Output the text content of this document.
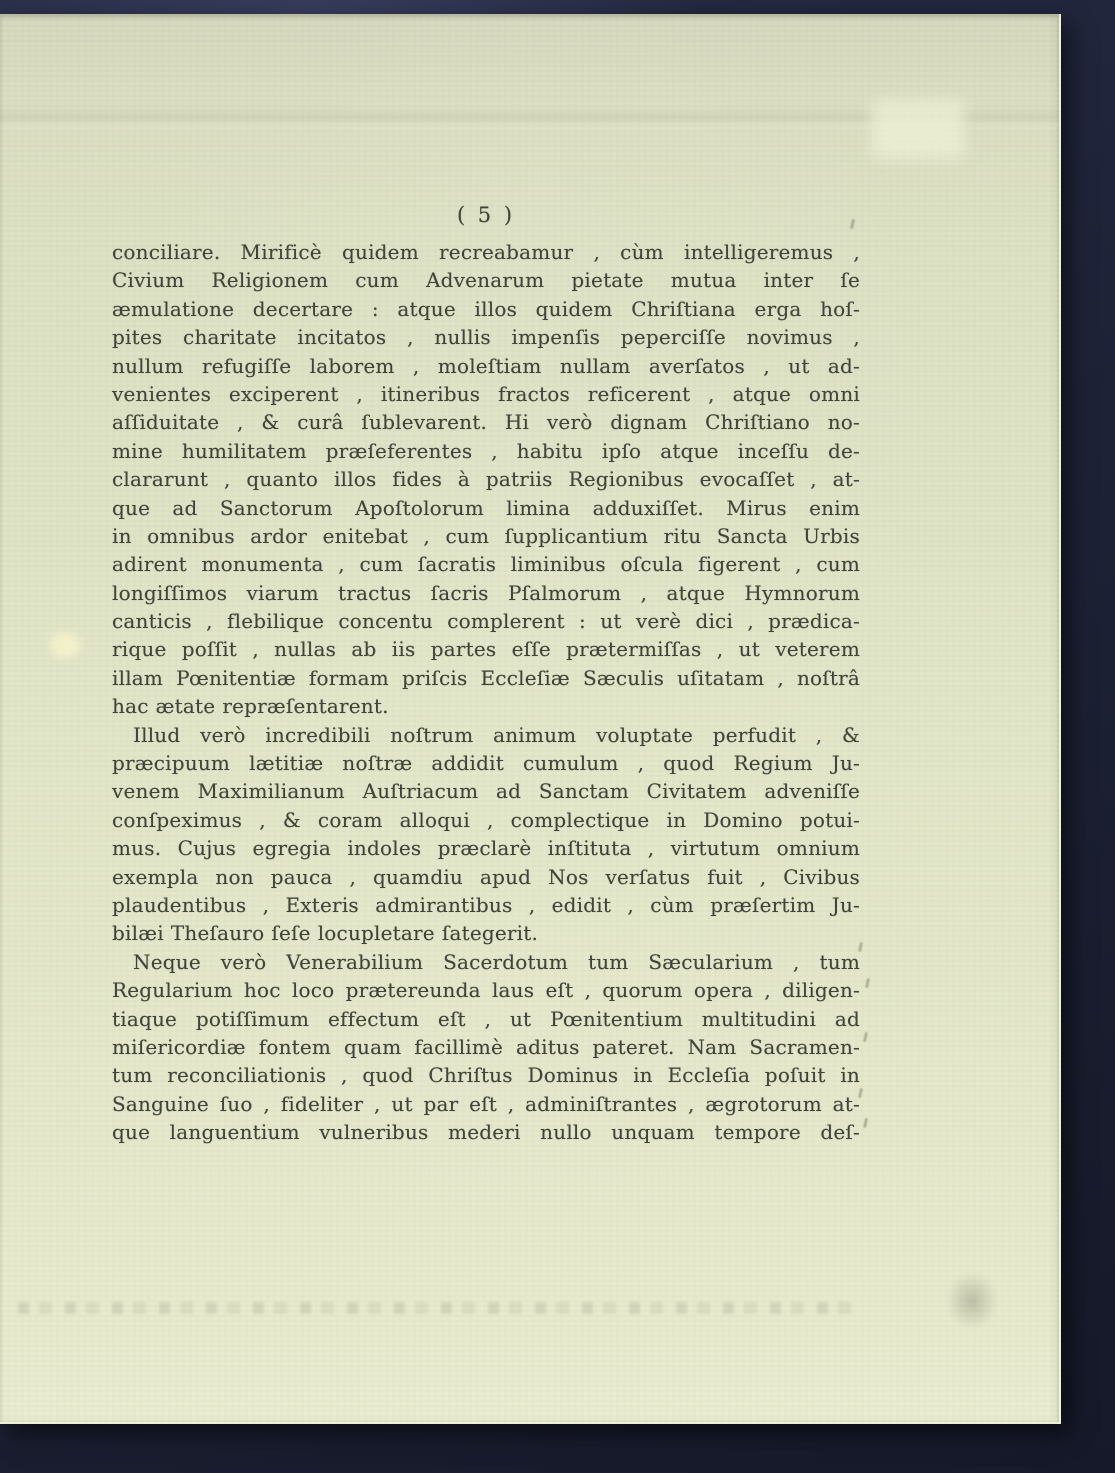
( 5 )
conciliare. Mirificè quidem recreabamur , cùm intelligeremus ,
Civium Religionem cum Advenarum pietate mutua inter ſe
æmulatione decertare : atque illos quidem Chriſtiana erga hoſ-
pites charitate incitatos , nullis impenſis peperciſſe novimus ,
nullum refugiſſe laborem , moleſtiam nullam averſatos , ut ad-
venientes exciperent , itineribus fractos reficerent , atque omni
aſſiduitate , & curâ ſublevarent. Hi verò dignam Chriſtiano no-
mine humilitatem præſeferentes , habitu ipſo atque inceſſu de-
clararunt , quanto illos fides à patriis Regionibus evocaſſet , at-
que ad Sanctorum Apoſtolorum limina adduxiſſet. Mirus enim
in omnibus ardor enitebat , cum ſupplicantium ritu Sancta Urbis
adirent monumenta , cum ſacratis liminibus oſcula figerent , cum
longiſſimos viarum tractus ſacris Pſalmorum , atque Hymnorum
canticis , flebilique concentu complerent : ut verè dici , prædica-
rique poſſit , nullas ab iis partes eſſe prætermiſſas , ut veterem
illam Pœnitentiæ formam priſcis Eccleſiæ Sæculis uſitatam , noſtrâ
hac ætate repræſentarent.
Illud verò incredibili noſtrum animum voluptate perfudit , &
præcipuum lætitiæ noſtræ addidit cumulum , quod Regium Ju-
venem Maximilianum Auſtriacum ad Sanctam Civitatem adveniſſe
conſpeximus , & coram alloqui , complectique in Domino potui-
mus. Cujus egregia indoles præclarè inſtituta , virtutum omnium
exempla non pauca , quamdiu apud Nos verſatus fuit , Civibus
plaudentibus , Exteris admirantibus , edidit , cùm præſertim Ju-
bilæi Theſauro ſeſe locupletare ſategerit.
Neque verò Venerabilium Sacerdotum tum Sæcularium , tum
Regularium hoc loco prætereunda laus eſt , quorum opera , diligen-
tiaque potiſſimum effectum eſt , ut Pœnitentium multitudini ad
miſericordiæ fontem quam facillimè aditus pateret. Nam Sacramen-
tum reconciliationis , quod Chriſtus Dominus in Eccleſia poſuit in
Sanguine ſuo , fideliter , ut par eſt , adminiſtrantes , ægrotorum at-
que languentium vulneribus mederi nullo unquam tempore deſ-
